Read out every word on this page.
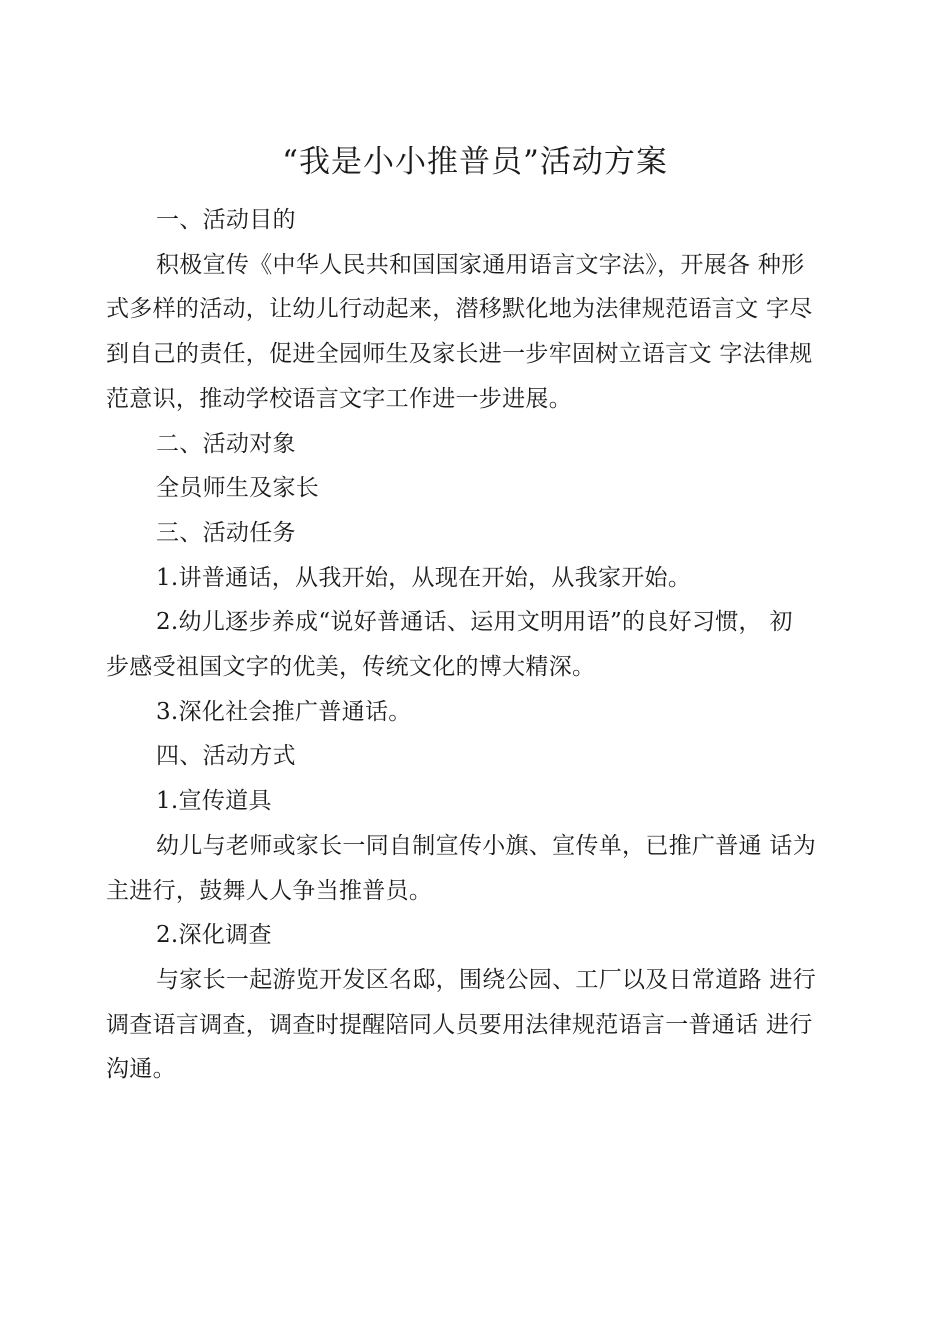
“我是小小推普员”活动方案

一、活动目的

积极宣传《中华人民共和国国家通用语言文字法》，开展各 种形

式多样的活动，让幼儿行动起来，潜移默化地为法律规范语言文 字尽

到自己的责任，促进全园师生及家长进一步牢固树立语言文 字法律规

范意识，推动学校语言文字工作进一步进展。

二、活动对象

全员师生及家长

三、活动任务

1.讲普通话，从我开始，从现在开始，从我家开始。

2.幼儿逐步养成“说好普通话、运用文明用语”的良好习惯， 初

步感受祖国文字的优美，传统文化的博大精深。

3.深化社会推广普通话。

四、活动方式

1.宣传道具

幼儿与老师或家长一同自制宣传小旗、宣传单，已推广普通 话为

主进行，鼓舞人人争当推普员。

2.深化调查

与家长一起游览开发区名邸，围绕公园、工厂以及日常道路 进行

调查语言调查，调查时提醒陪同人员要用法律规范语言一普通话 进行

沟通。
